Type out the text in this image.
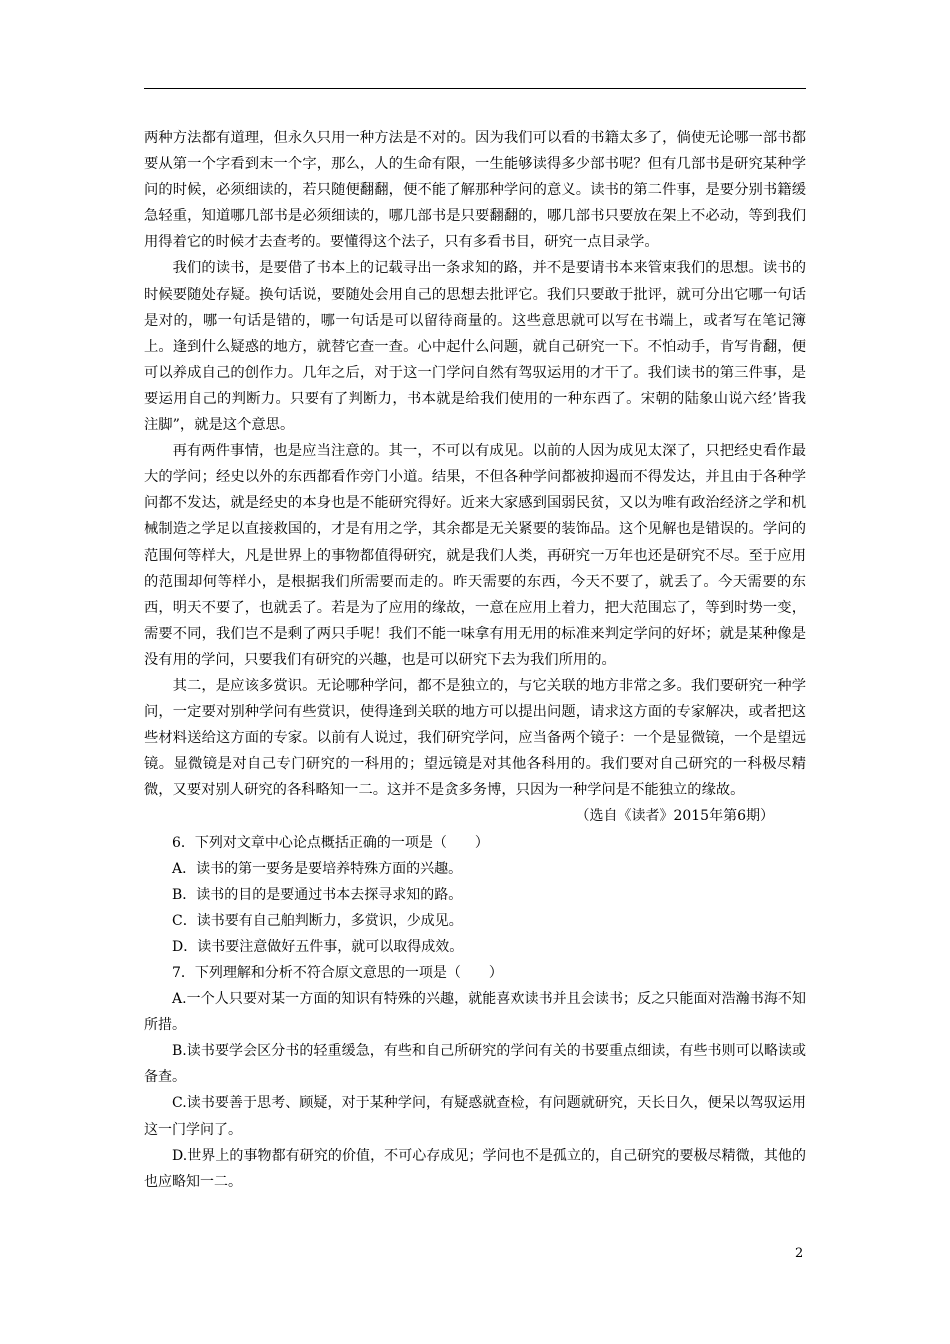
两种方法都有道理，但永久只用一种方法是不对的。因为我们可以看的书籍太多了，倘使无论哪一部书都要从第一个字看到末一个字，那么，人的生命有限，一生能够读得多少部书呢？但有几部书是研究某种学问的时候，必须细读的，若只随便翻翻，便不能了解那种学问的意义。读书的第二件事，是要分别书籍缓急轻重，知道哪几部书是必须细读的，哪几部书是只要翻翻的，哪几部书只要放在架上不必动，等到我们用得着它的时候才去查考的。要懂得这个法子，只有多看书目，研究一点目录学。

我们的读书，是要借了书本上的记载寻出一条求知的路，并不是要请书本来管束我们的思想。读书的时候要随处存疑。换句话说，要随处会用自己的思想去批评它。我们只要敢于批评，就可分出它哪一句话是对的，哪一句话是错的，哪一句话是可以留待商量的。这些意思就可以写在书端上，或者写在笔记簿上。逢到什么疑惑的地方，就替它查一查。心中起什么问题，就自己研究一下。不怕动手，肯写肯翻，便可以养成自己的创作力。几年之后，对于这一门学问自然有驾驭运用的才干了。我们读书的第三件事，是要运用自己的判断力。只要有了判断力，书本就是给我们使用的一种东西了。宋朝的陆象山说六经’皆我注脚”，就是这个意思。

再有两件事情，也是应当注意的。其一，不可以有成见。以前的人因为成见太深了，只把经史看作最大的学问；经史以外的东西都看作旁门小道。结果，不但各种学问都被抑遏而不得发达，并且由于各种学问都不发达，就是经史的本身也是不能研究得好。近来大家感到国弱民贫，又以为唯有政治经济之学和机械制造之学足以直接救国的，才是有用之学，其余都是无关紧要的装饰品。这个见解也是错误的。学问的范围何等样大，凡是世界上的事物都值得研究，就是我们人类，再研究一万年也还是研究不尽。至于应用的范围却何等样小，是根据我们所需要而走的。昨天需要的东西，今天不要了，就丢了。今天需要的东西，明天不要了，也就丢了。若是为了应用的缘故，一意在应用上着力，把大范围忘了，等到时势一变，需要不同，我们岂不是剩了两只手呢！我们不能一味拿有用无用的标准来判定学问的好坏；就是某种像是没有用的学问，只要我们有研究的兴趣，也是可以研究下去为我们所用的。

其二，是应该多赏识。无论哪种学问，都不是独立的，与它关联的地方非常之多。我们要研究一种学问，一定要对别种学问有些赏识，使得逢到关联的地方可以提出问题，请求这方面的专家解决，或者把这些材料送给这方面的专家。以前有人说过，我们研究学问，应当备两个镜子：一个是显微镜，一个是望远镜。显微镜是对自己专门研究的一科用的；望远镜是对其他各科用的。我们要对自己研究的一科极尽精微，又要对别人研究的各科略知一二。这并不是贪多务博，只因为一种学问是不能独立的缘故。

（选自《读者》2015年第6期）

6．下列对文章中心论点概括正确的一项是（　　）

A．读书的第一要务是要培养特殊方面的兴趣。

B．读书的目的是要通过书本去探寻求知的路。

C．读书要有自己舶判断力，多赏识，少成见。

D．读书要注意做好五件事，就可以取得成效。

7．下列理解和分析不符合原文意思的一项是（　　）

A.一个人只要对某一方面的知识有特殊的兴趣，就能喜欢读书并且会读书；反之只能面对浩瀚书海不知所措。

B.读书要学会区分书的轻重缓急，有些和自己所研究的学问有关的书要重点细读，有些书则可以略读或备查。

C.读书要善于思考、顾疑，对于某种学问，有疑惑就查检，有问题就研究，天长日久，便呆以驾驭运用这一门学问了。

D.世界上的事物都有研究的价值，不可心存成见；学问也不是孤立的，自己研究的要极尽精微，其他的也应略知一二。

2
